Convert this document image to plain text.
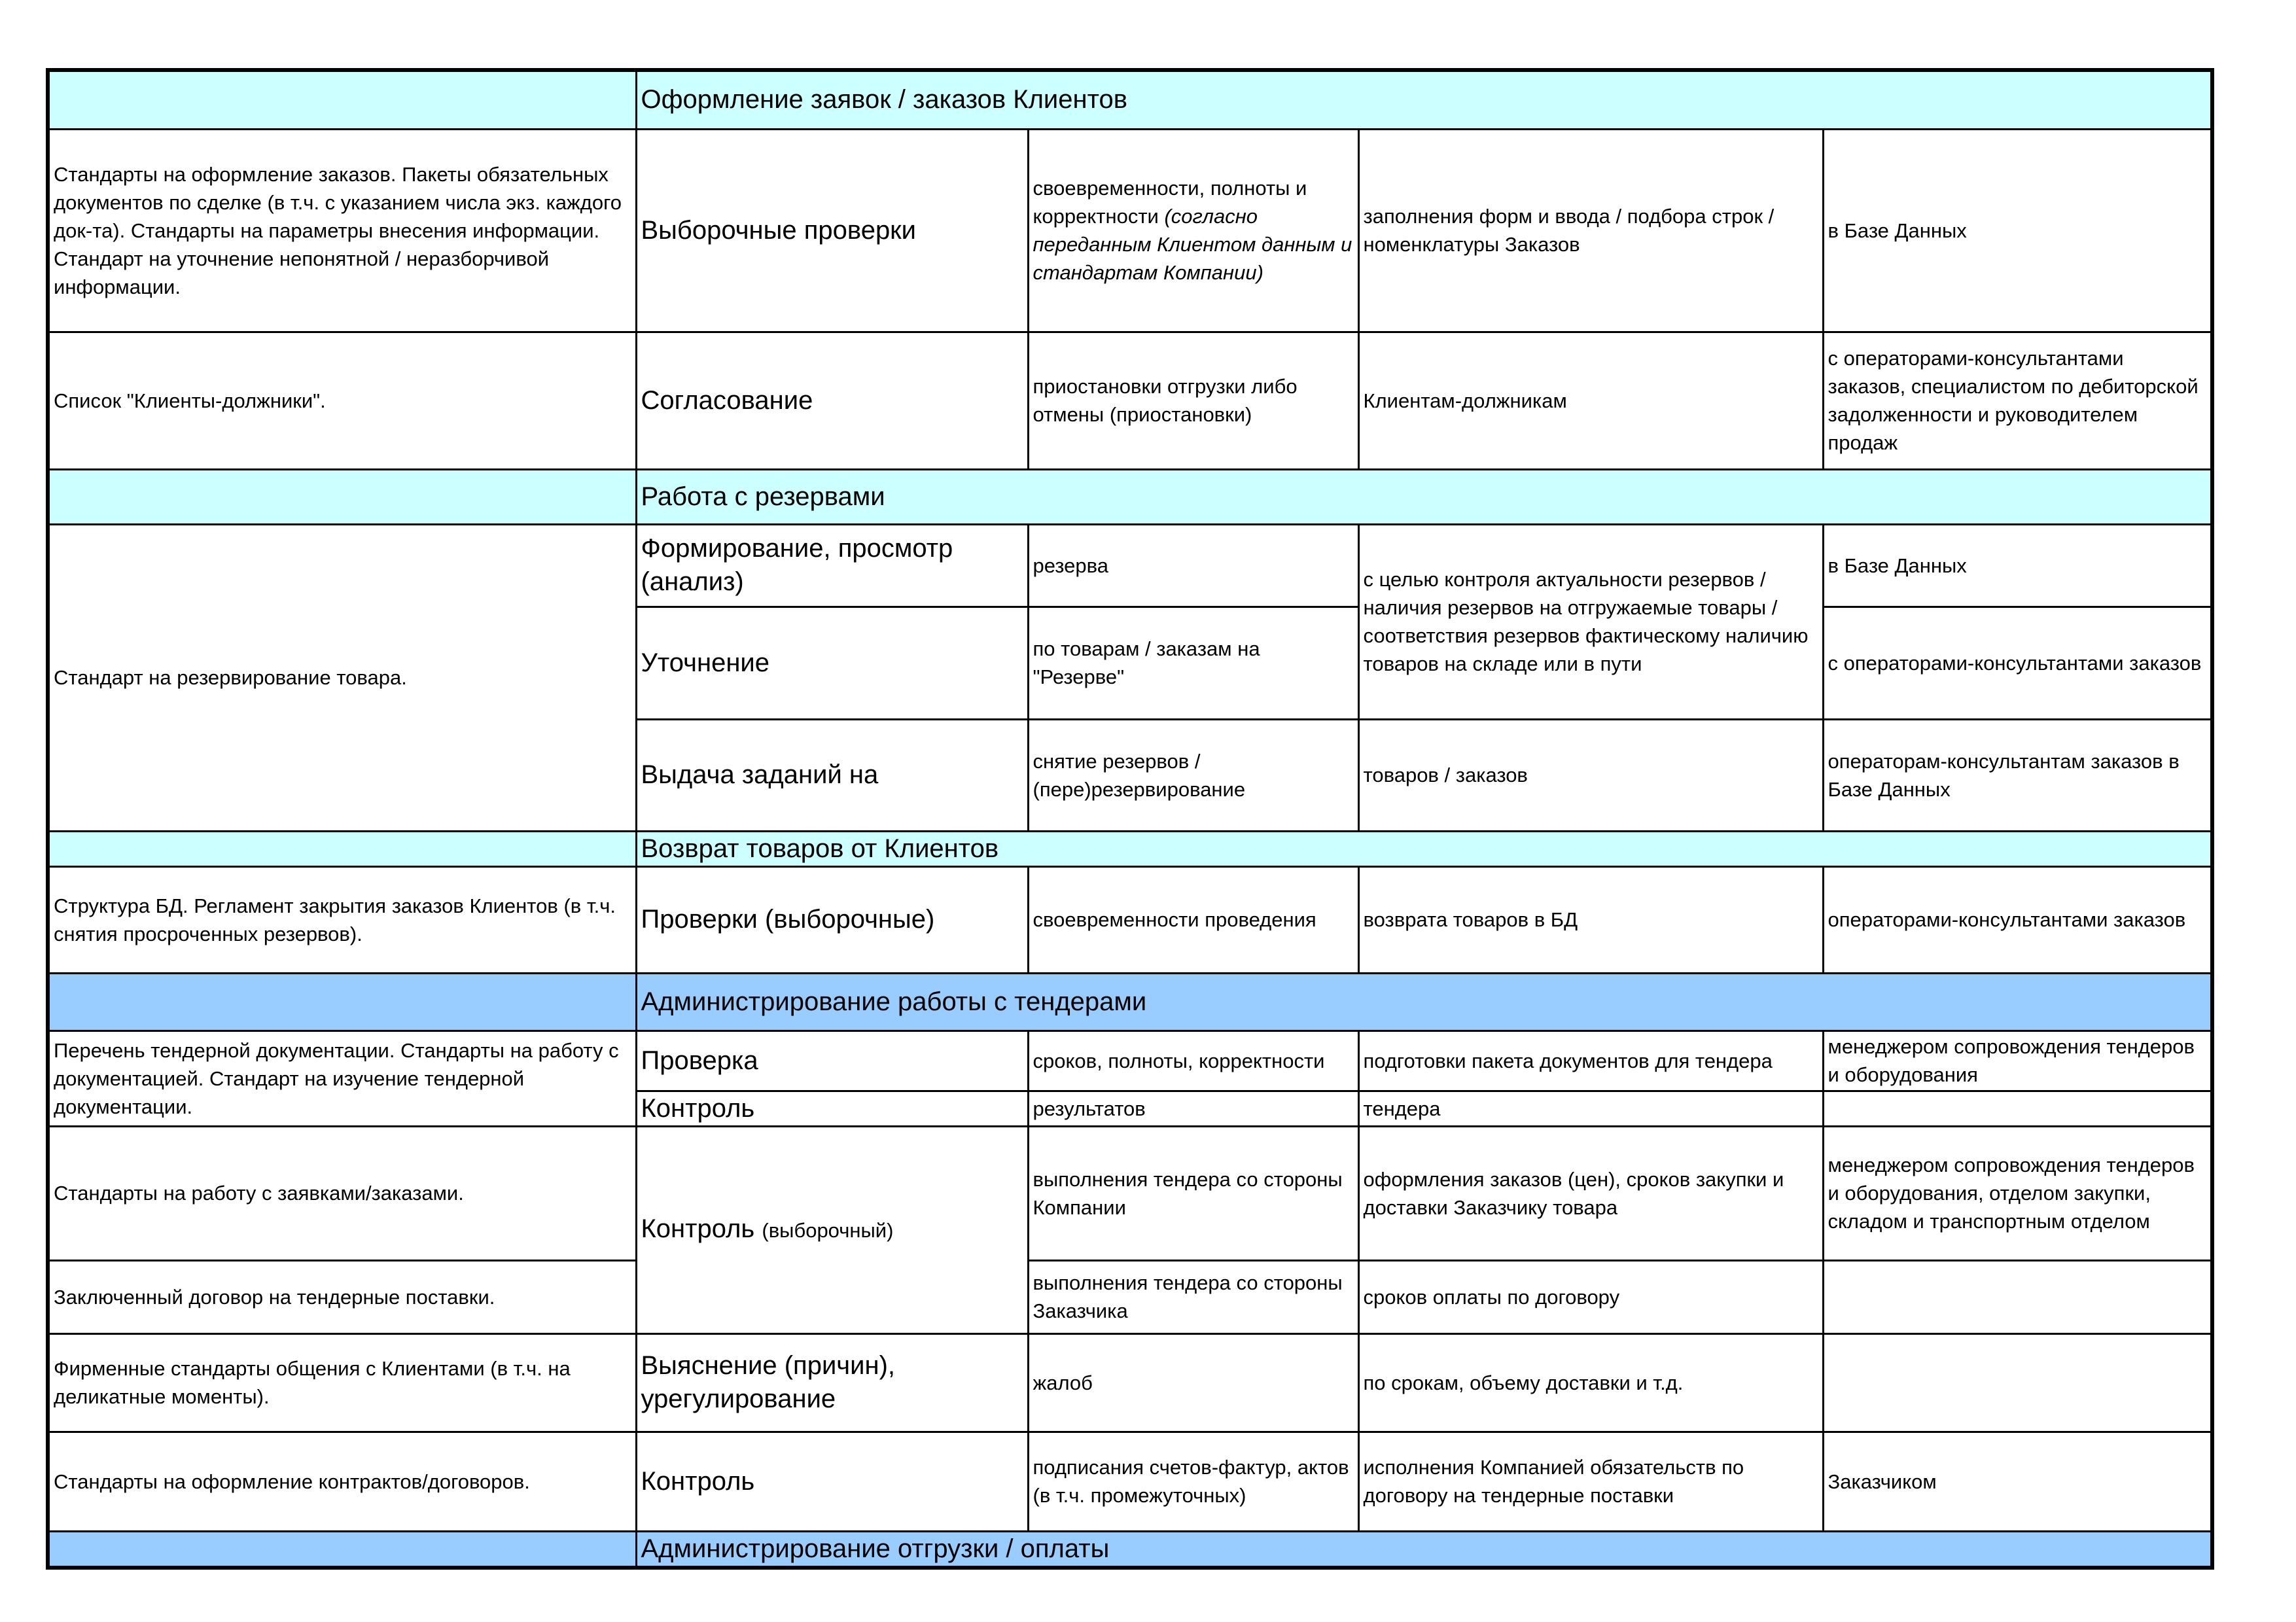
	Оформление заявок / заказов Клиентов			
Стандарты на оформление заказов. Пакеты обязательных документов по сделке (в т.ч. с указанием числа экз. каждого док-та). Стандарты на параметры внесения информации. Стандарт на уточнение непонятной / неразборчивой информации.	Выборочные проверки	своевременности, полноты и корректности (согласно переданным Клиентом данным и стандартам Компании)	заполнения форм и ввода / подбора строк / номенклатуры Заказов	в Базе Данных
Список "Клиенты-должники".	Согласование	приостановки отгрузки либо отмены (приостановки)	Клиентам-должникам	с операторами-консультантами заказов, специалистом по дебиторской задолженности и руководителем продаж
	Работа с резервами			
Стандарт на резервирование товара.	Формирование, просмотр (анализ)	резерва	с целью контроля актуальности резервов / наличия резервов на отгружаемые товары / соответствия резервов фактическому наличию товаров на складе или в пути	в Базе Данных
	Уточнение	по товарам / заказам на "Резерве"		с операторами-консультантами заказов
	Выдача заданий на	снятие резервов / (пере)резервирование	товаров / заказов	операторам-консультантам заказов в Базе Данных
	Возврат товаров от Клиентов			
Структура БД. Регламент закрытия заказов Клиентов (в т.ч. снятия просроченных резервов).	Проверки (выборочные)	своевременности проведения	возврата товаров в БД	операторами-консультантами заказов
	Администрирование работы с тендерами			
Перечень тендерной документации. Стандарты на работу с документацией. Стандарт на изучение тендерной документации.	Проверка	сроков, полноты, корректности	подготовки пакета документов для тендера	менеджером сопровождения тендеров и оборудования
	Контроль	результатов	тендера	
Стандарты на работу с заявками/заказами.	Контроль (выборочный)	выполнения тендера со стороны Компании	оформления заказов (цен), сроков закупки и доставки Заказчику товара	менеджером сопровождения тендеров и оборудования, отделом закупки, складом и транспортным отделом
Заключенный договор на тендерные поставки.		выполнения тендера со стороны Заказчика	сроков оплаты по договору	
Фирменные стандарты общения с Клиентами (в т.ч. на деликатные моменты).	Выяснение (причин), урегулирование	жалоб	по срокам, объему доставки и т.д.	
Стандарты на оформление контрактов/договоров.	Контроль	подписания счетов-фактур, актов (в т.ч. промежуточных)	исполнения Компанией обязательств по договору на тендерные поставки	Заказчиком
	Администрирование отгрузки / оплаты			
